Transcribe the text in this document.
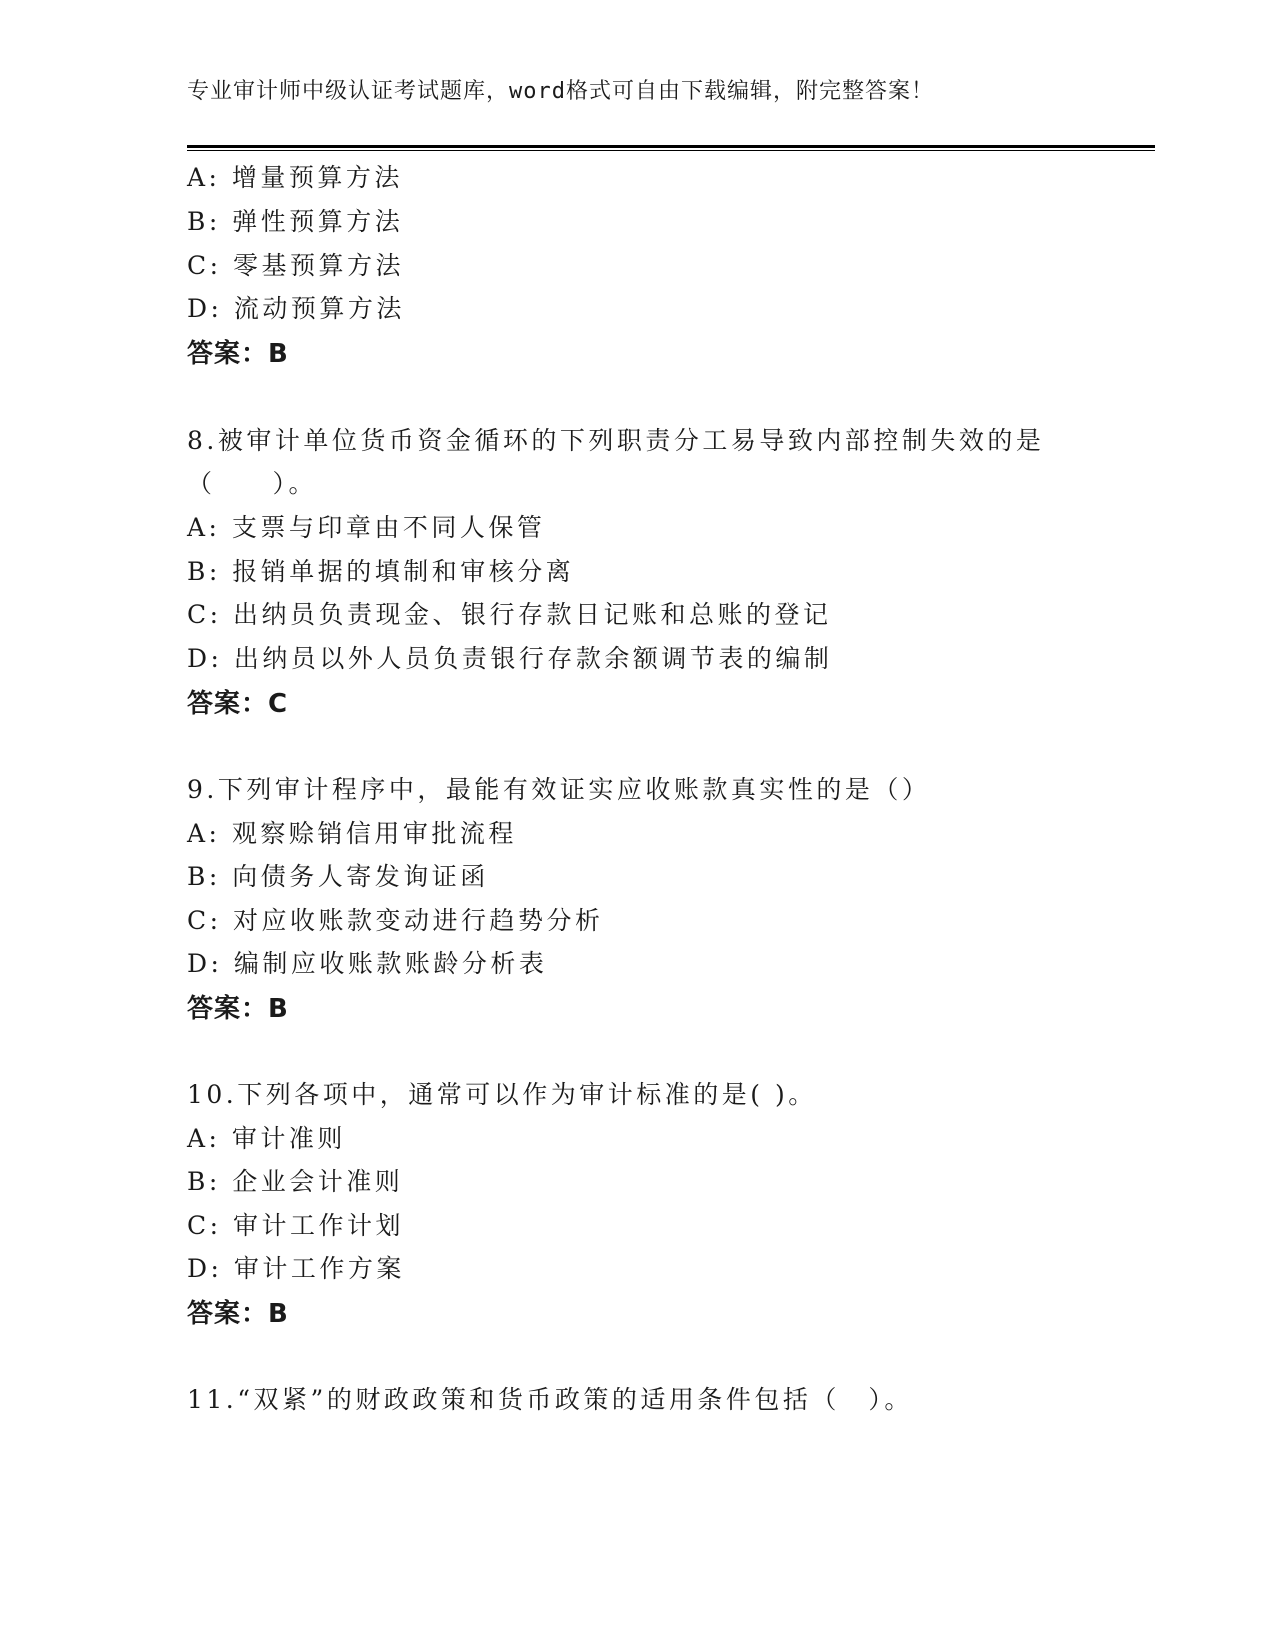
专业审计师中级认证考试题库，word格式可自由下载编辑，附完整答案！
A: 增量预算方法
B: 弹性预算方法
C: 零基预算方法
D: 流动预算方法
答案：B
8.被审计单位货币资金循环的下列职责分工易导致内部控制失效的是
（　　）。
A: 支票与印章由不同人保管
B: 报销单据的填制和审核分离
C: 出纳员负责现金、银行存款日记账和总账的登记
D: 出纳员以外人员负责银行存款余额调节表的编制
答案：C
9.下列审计程序中，最能有效证实应收账款真实性的是（）
A: 观察赊销信用审批流程
B: 向债务人寄发询证函
C: 对应收账款变动进行趋势分析
D: 编制应收账款账龄分析表
答案：B
10.下列各项中，通常可以作为审计标准的是( )。
A: 审计准则
B: 企业会计准则
C: 审计工作计划
D: 审计工作方案
答案：B
11.“双紧”的财政政策和货币政策的适用条件包括（　）。
